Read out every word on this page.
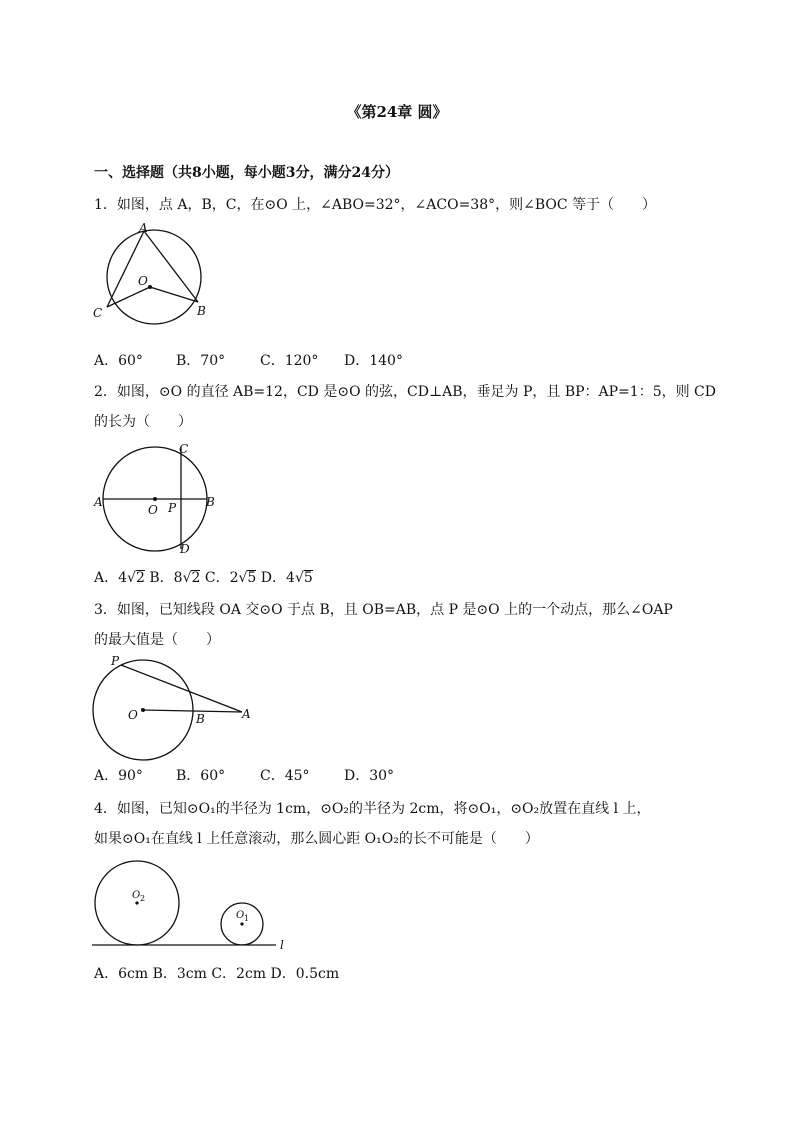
《第24章 圆》
一、选择题（共8小题，每小题3分，满分24分）
1．如图，点 A，B，C，在⊙O 上，∠ABO=32°，∠ACO=38°，则∠BOC 等于（　　）
A
O
C	B
A．60° B．70° C．120° D．140°
2．如图，⊙O 的直径 AB=12，CD 是⊙O 的弦，CD⊥AB，垂足为 P，且 BP：AP=1：5，则 CD
的长为（　　）
A
O P B
C
D
A．4√2 B．8√2 C．2√5 D．4√5
3．如图，已知线段 OA 交⊙O 于点 B，且 OB=AB，点 P 是⊙O 上的一个动点，那么∠OAP
的最大值是（　　）
P
O	B	A
A．90° B．60° C．45° D．30°
4．如图，已知⊙O₁的半径为 1cm，⊙O₂的半径为 2cm，将⊙O₁，⊙O₂放置在直线 l 上，
如果⊙O₁在直线 l 上任意滚动，那么圆心距 O₁O₂的长不可能是（　　）
O 2
O 1
l
A．6cm B．3cm C．2cm D．0.5cm
